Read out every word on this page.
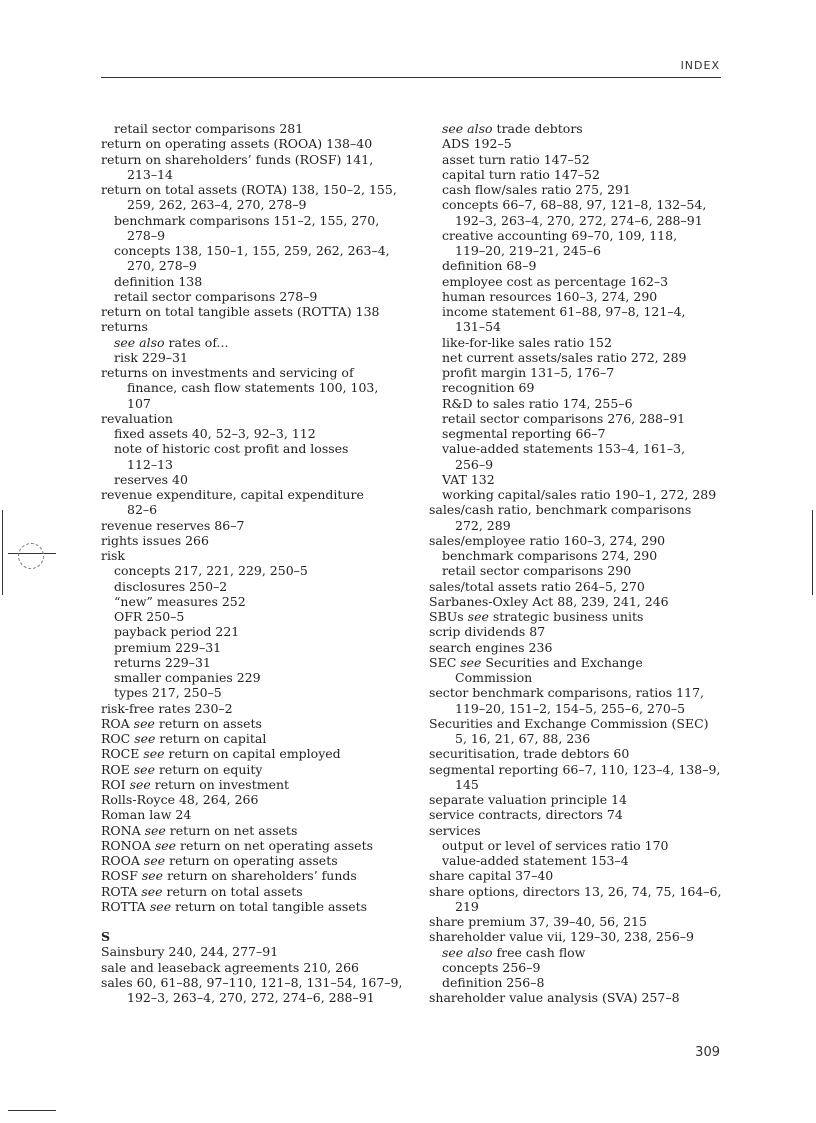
INDEX
retail sector comparisons 281
return on operating assets (ROOA) 138–40
return on shareholders’ funds (ROSF) 141,
213–14
return on total assets (ROTA) 138, 150–2, 155,
259, 262, 263–4, 270, 278–9
benchmark comparisons 151–2, 155, 270,
278–9
concepts 138, 150–1, 155, 259, 262, 263–4,
270, 278–9
definition 138
retail sector comparisons 278–9
return on total tangible assets (ROTTA) 138
returns
see also rates of...
risk 229–31
returns on investments and servicing of
finance, cash flow statements 100, 103,
107
revaluation
fixed assets 40, 52–3, 92–3, 112
note of historic cost profit and losses
112–13
reserves 40
revenue expenditure, capital expenditure
82–6
revenue reserves 86–7
rights issues 266
risk
concepts 217, 221, 229, 250–5
disclosures 250–2
“new” measures 252
OFR 250–5
payback period 221
premium 229–31
returns 229–31
smaller companies 229
types 217, 250–5
risk-free rates 230–2
ROA see return on assets
ROC see return on capital
ROCE see return on capital employed
ROE see return on equity
ROI see return on investment
Rolls-Royce 48, 264, 266
Roman law 24
RONA see return on net assets
RONOA see return on net operating assets
ROOA see return on operating assets
ROSF see return on shareholders’ funds
ROTA see return on total assets
ROTTA see return on total tangible assets
S
Sainsbury 240, 244, 277–91
sale and leaseback agreements 210, 266
sales 60, 61–88, 97–110, 121–8, 131–54, 167–9,
192–3, 263–4, 270, 272, 274–6, 288–91
see also trade debtors
ADS 192–5
asset turn ratio 147–52
capital turn ratio 147–52
cash flow/sales ratio 275, 291
concepts 66–7, 68–88, 97, 121–8, 132–54,
192–3, 263–4, 270, 272, 274–6, 288–91
creative accounting 69–70, 109, 118,
119–20, 219–21, 245–6
definition 68–9
employee cost as percentage 162–3
human resources 160–3, 274, 290
income statement 61–88, 97–8, 121–4,
131–54
like-for-like sales ratio 152
net current assets/sales ratio 272, 289
profit margin 131–5, 176–7
recognition 69
R&D to sales ratio 174, 255–6
retail sector comparisons 276, 288–91
segmental reporting 66–7
value-added statements 153–4, 161–3,
256–9
VAT 132
working capital/sales ratio 190–1, 272, 289
sales/cash ratio, benchmark comparisons
272, 289
sales/employee ratio 160–3, 274, 290
benchmark comparisons 274, 290
retail sector comparisons 290
sales/total assets ratio 264–5, 270
Sarbanes-Oxley Act 88, 239, 241, 246
SBUs see strategic business units
scrip dividends 87
search engines 236
SEC see Securities and Exchange
Commission
sector benchmark comparisons, ratios 117,
119–20, 151–2, 154–5, 255–6, 270–5
Securities and Exchange Commission (SEC)
5, 16, 21, 67, 88, 236
securitisation, trade debtors 60
segmental reporting 66–7, 110, 123–4, 138–9,
145
separate valuation principle 14
service contracts, directors 74
services
output or level of services ratio 170
value-added statement 153–4
share capital 37–40
share options, directors 13, 26, 74, 75, 164–6,
219
share premium 37, 39–40, 56, 215
shareholder value vii, 129–30, 238, 256–9
see also free cash flow
concepts 256–9
definition 256–8
shareholder value analysis (SVA) 257–8
309
